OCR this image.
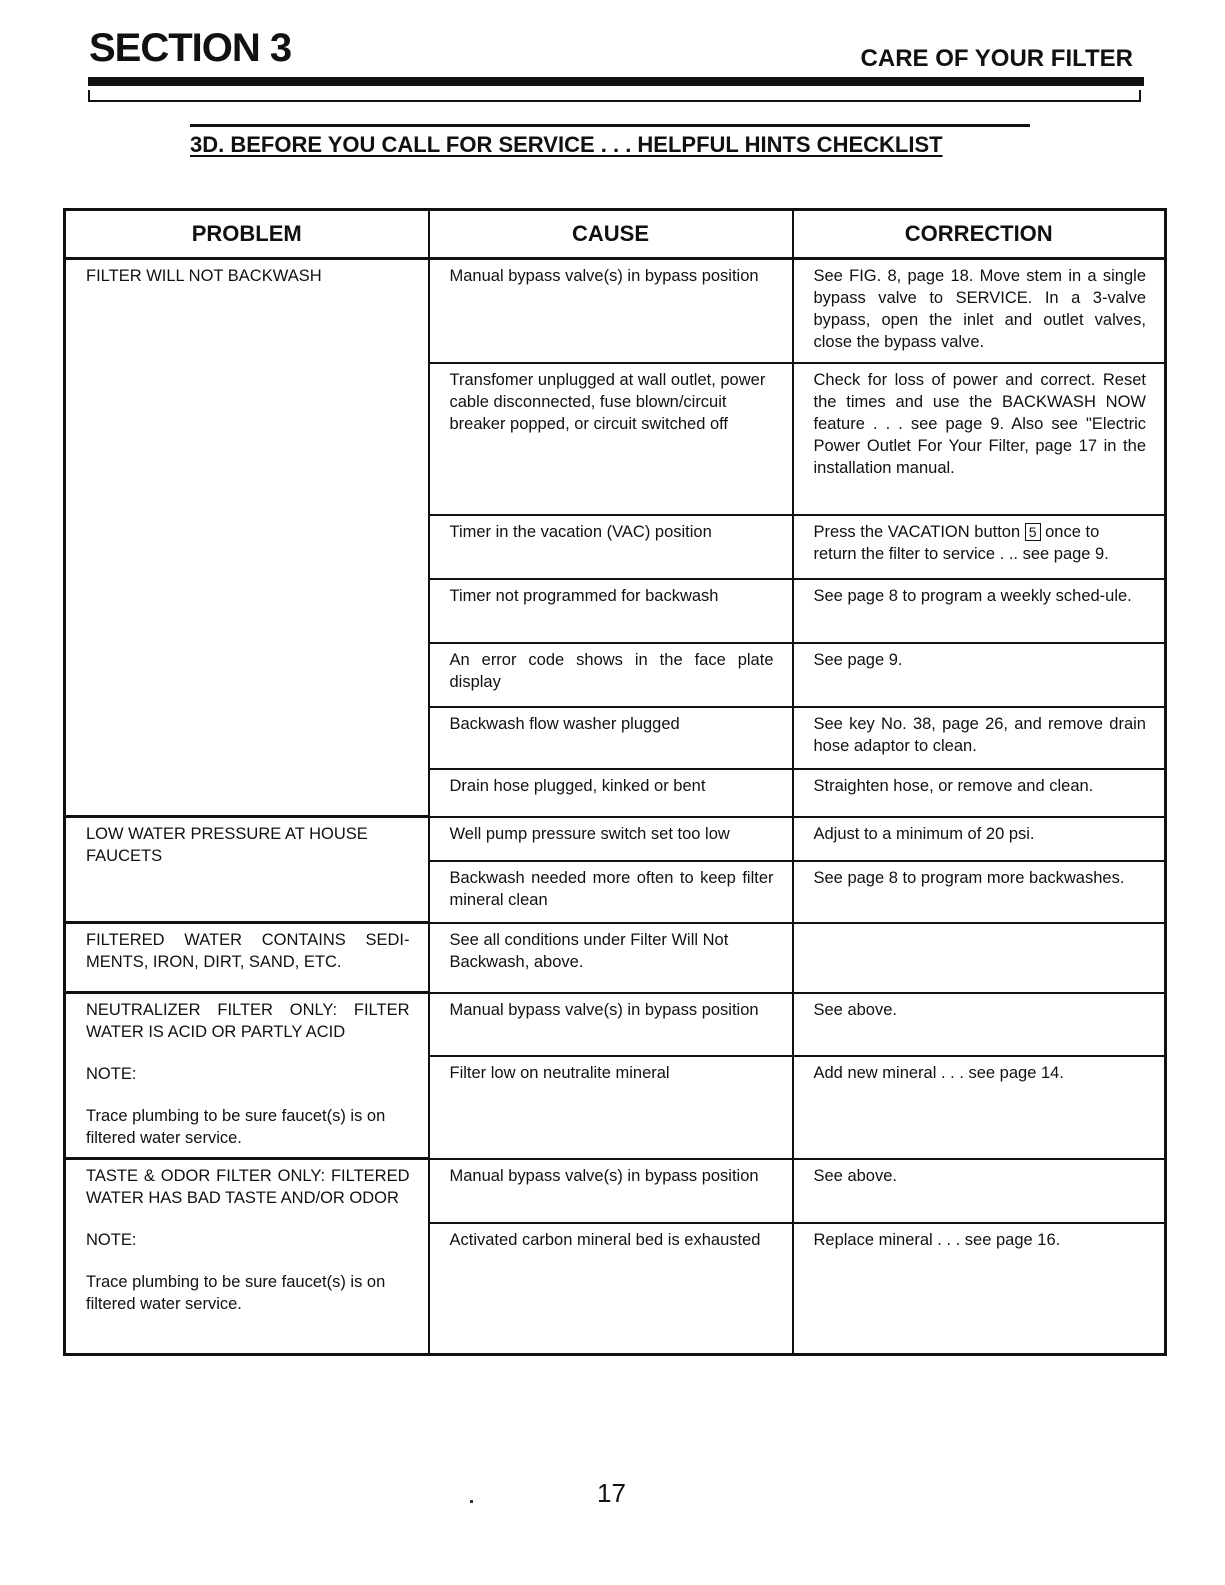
SECTION 3	CARE OF YOUR FILTER
3D. BEFORE YOU CALL FOR SERVICE . . . HELPFUL HINTS CHECKLIST
PROBLEM	CAUSE	CORRECTION
FILTER WILL NOT BACKWASH	Manual bypass valve(s) in bypass position	See FIG. 8, page 18. Move stem in a single bypass valve to SERVICE. In a 3-valve bypass, open the inlet and outlet valves, close the bypass valve.
	Transfomer unplugged at wall outlet, power cable disconnected, fuse blown/circuit breaker popped, or circuit switched off	Check for loss of power and correct. Reset the times and use the BACKWASH NOW feature . . . see page 9. Also see "Electric Power Outlet For Your Filter, page 17 in the installation manual.
	Timer in the vacation (VAC) position	Press the VACATION button 5 once to return the filter to service . .. see page 9.
	Timer not programmed for backwash	See page 8 to program a weekly sched-ule.
	An error code shows in the face plate display	See page 9.
	Backwash flow washer plugged	See key No. 38, page 26, and remove drain hose adaptor to clean.
	Drain hose plugged, kinked or bent	Straighten hose, or remove and clean.
LOW WATER PRESSURE AT HOUSE FAUCETS	Well pump pressure switch set too low	Adjust to a minimum of 20 psi.
	Backwash needed more often to keep filter mineral clean	See page 8 to program more backwashes.
FILTERED WATER CONTAINS SEDI-MENTS, IRON, DIRT, SAND, ETC.	See all conditions under Filter Will Not Backwash, above.	

NEUTRALIZER FILTER ONLY: FILTER WATER IS ACID OR PARTLY ACID
NOTE:
Trace plumbing to be sure faucet(s) is on filtered water service.	Manual bypass valve(s) in bypass position	See above.
	Filter low on neutralite mineral	Add new mineral . . . see page 14.

TASTE & ODOR FILTER ONLY: FILTERED WATER HAS BAD TASTE AND/OR ODOR
NOTE:
Trace plumbing to be sure faucet(s) is on filtered water service.	Manual bypass valve(s) in bypass position	See above.
	Activated carbon mineral bed is exhausted	Replace mineral . . . see page 16.
17
